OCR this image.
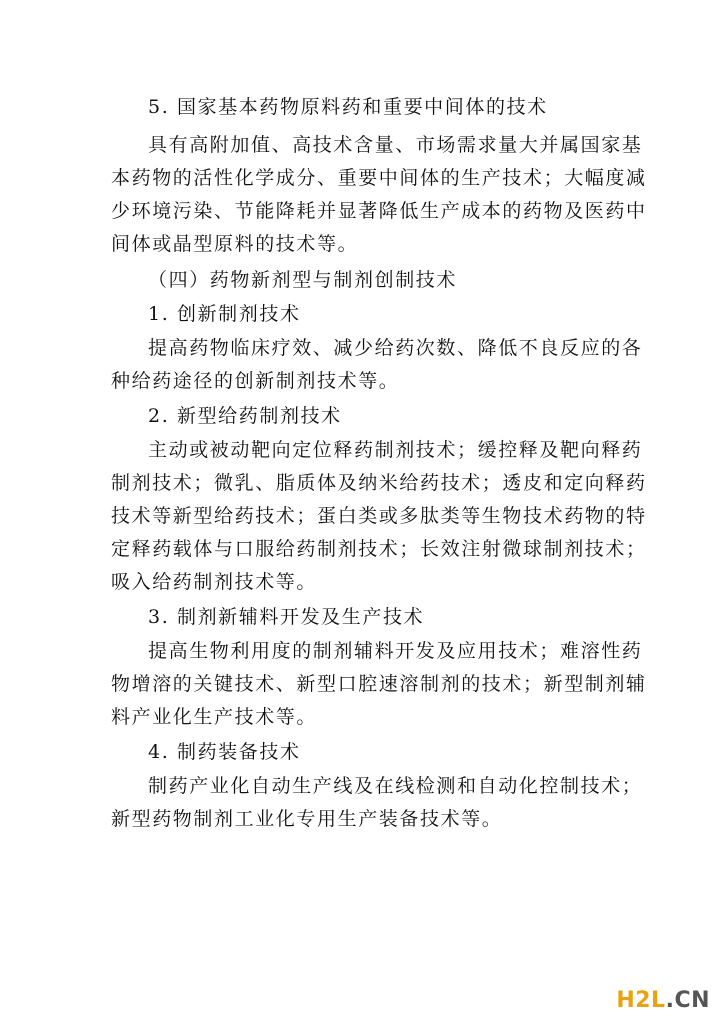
5. 国家基本药物原料药和重要中间体的技术
具有高附加值、高技术含量、市场需求量大并属国家基
本药物的活性化学成分、重要中间体的生产技术；大幅度减
少环境污染、节能降耗并显著降低生产成本的药物及医药中
间体或晶型原料的技术等。
（四）药物新剂型与制剂创制技术
1. 创新制剂技术
提高药物临床疗效、减少给药次数、降低不良反应的各
种给药途径的创新制剂技术等。
2. 新型给药制剂技术
主动或被动靶向定位释药制剂技术；缓控释及靶向释药
制剂技术；微乳、脂质体及纳米给药技术；透皮和定向释药
技术等新型给药技术；蛋白类或多肽类等生物技术药物的特
定释药载体与口服给药制剂技术；长效注射微球制剂技术；
吸入给药制剂技术等。
3. 制剂新辅料开发及生产技术
提高生物利用度的制剂辅料开发及应用技术；难溶性药
物增溶的关键技术、新型口腔速溶制剂的技术；新型制剂辅
料产业化生产技术等。
4. 制药装备技术
制药产业化自动生产线及在线检测和自动化控制技术；
新型药物制剂工业化专用生产装备技术等。
H2L.CN
